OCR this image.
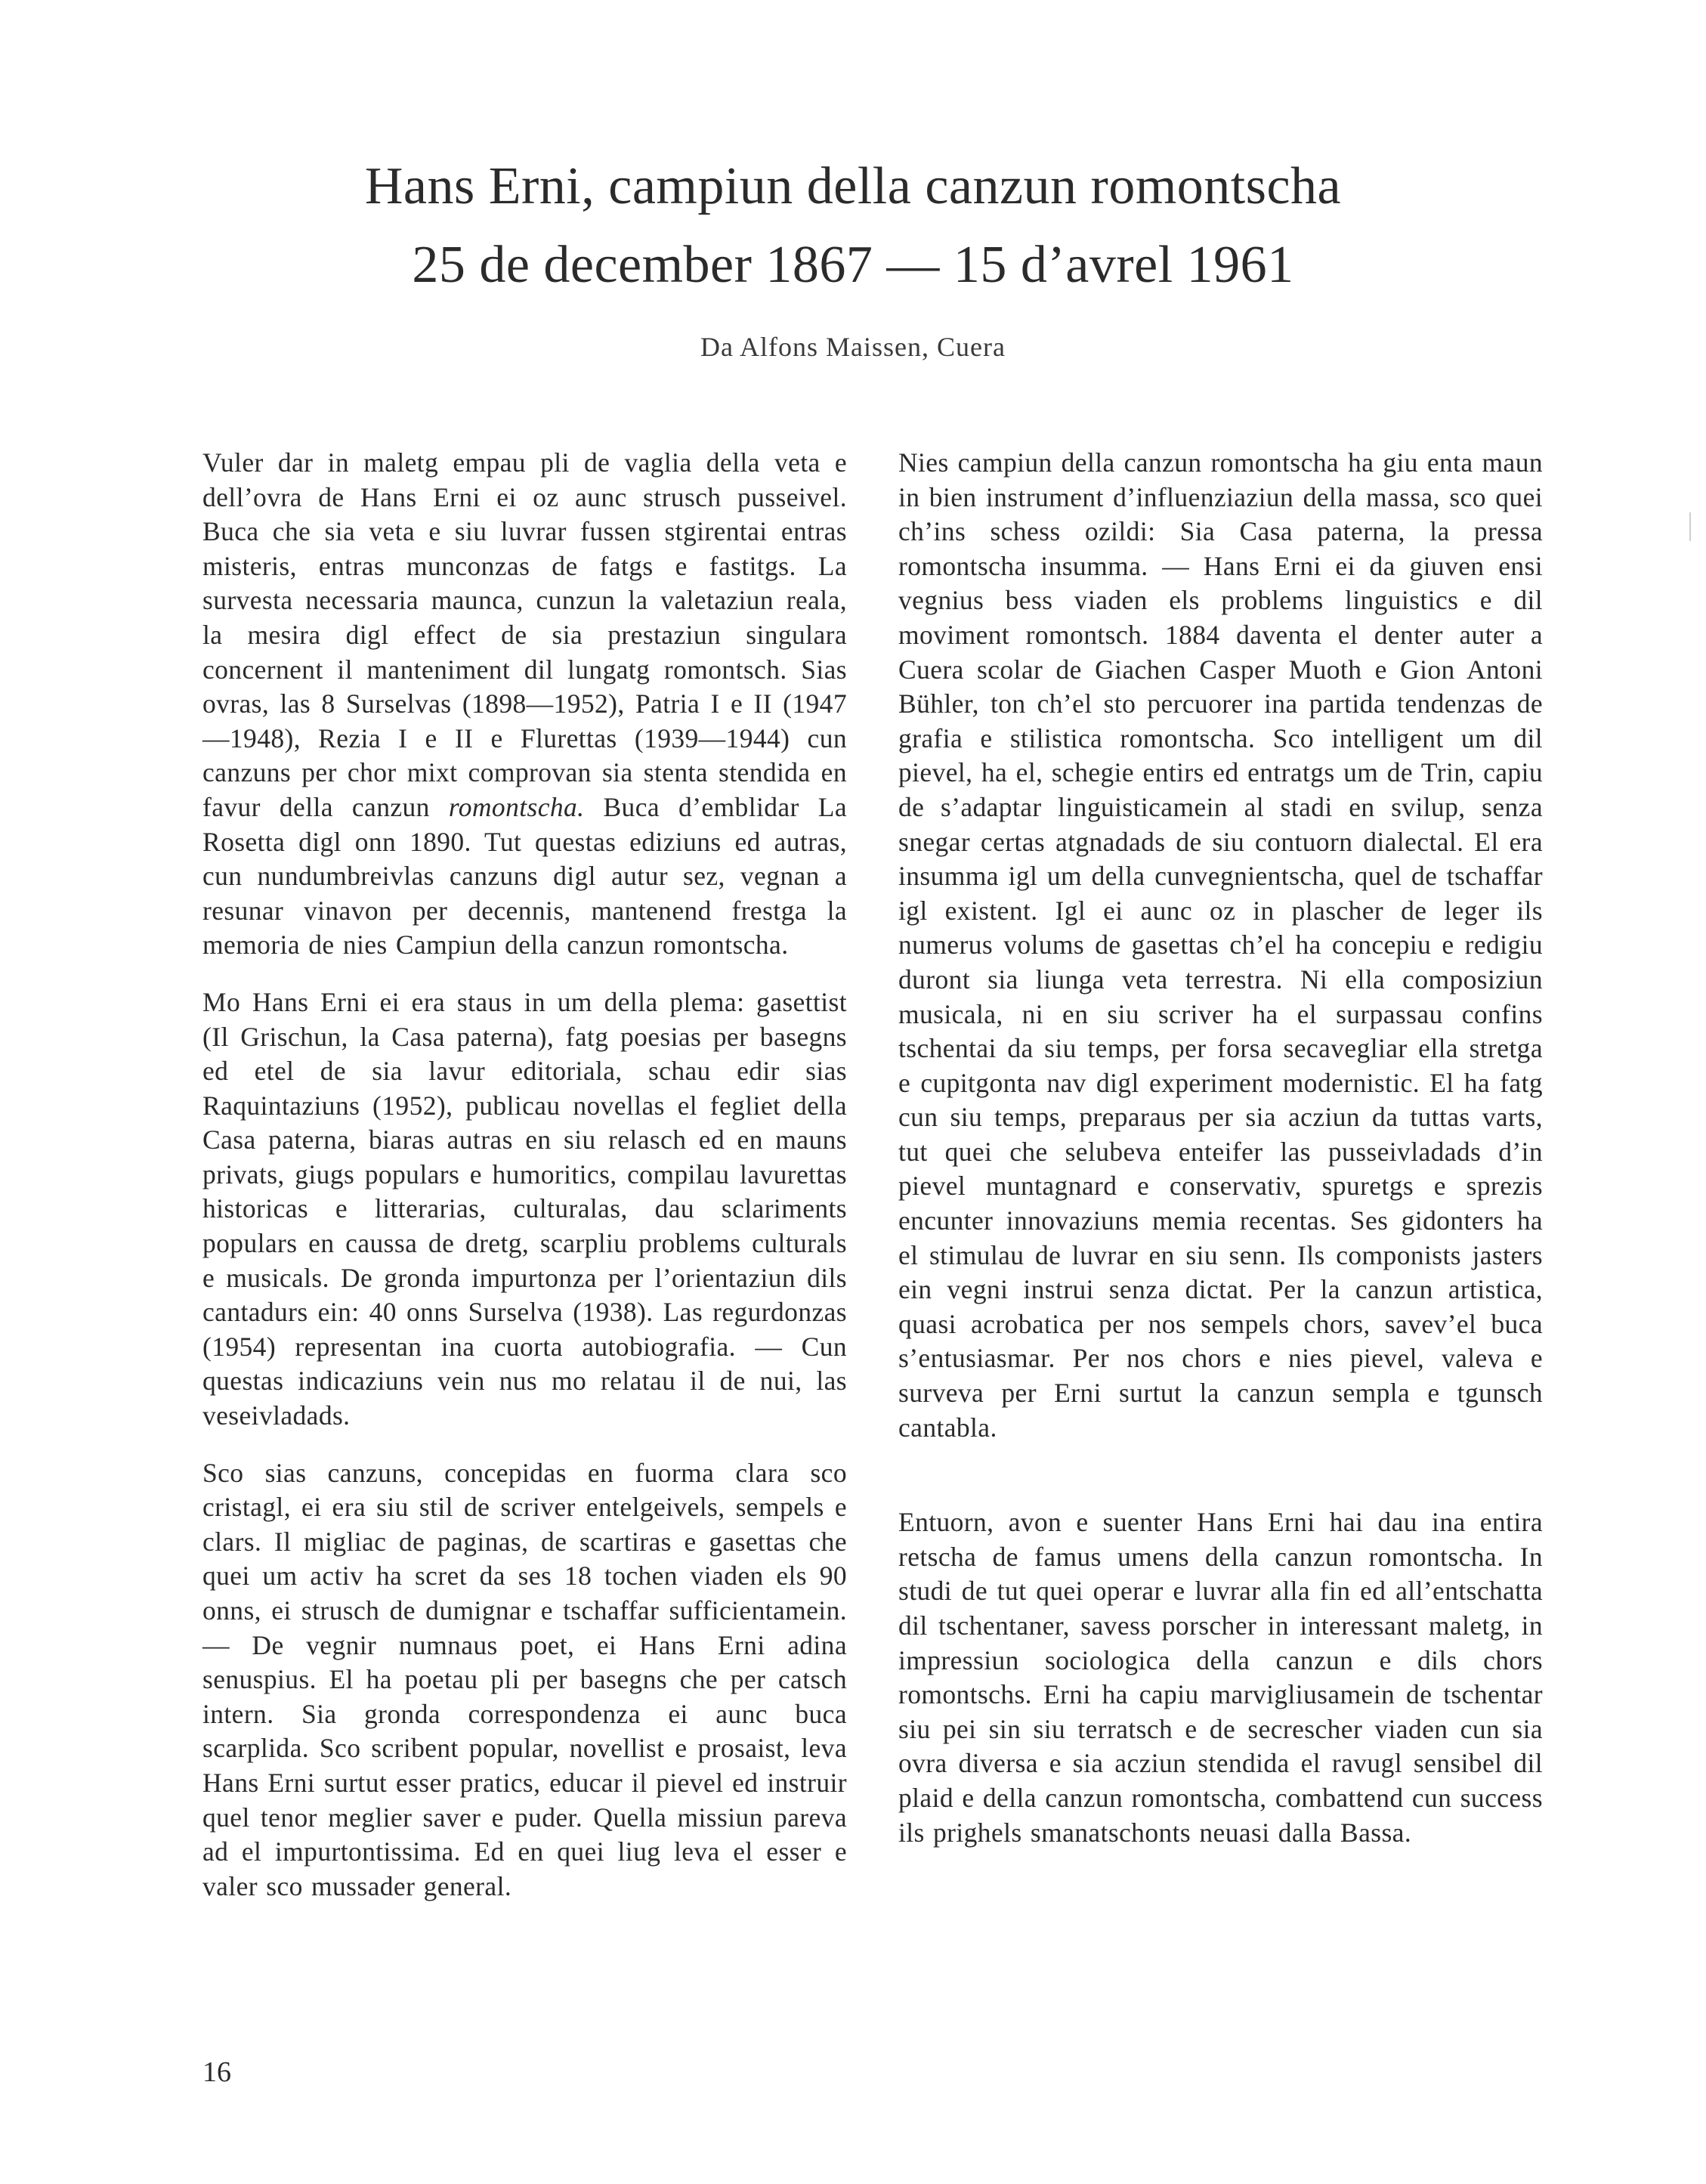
Hans Erni, campiun della canzun romontscha
25 de december 1867 — 15 d’avrel 1961
Da Alfons Maissen, Cuera

Vuler dar in maletg empau pli de vaglia della veta e dell’ovra de Hans Erni ei oz aunc strusch pusseivel. Buca che sia veta e siu luvrar fussen stgirentai entras misteris, entras munconzas de fatgs e fastitgs. La survesta necessaria maunca, cunzun la valetaziun reala, la mesira digl effect de sia prestaziun singulara concernent il manteniment dil lungatg romontsch. Sias ovras, las 8 Surselvas (1898—1952), Patria I e II (1947—1948), Rezia I e II e Flurettas (1939—1944) cun canzuns per chor mixt comprovan sia stenta stendida en favur della canzun romontscha. Buca d’emblidar La Rosetta digl onn 1890. Tut questas ediziuns ed autras, cun nundumbreivlas canzuns digl autur sez, vegnan a resunar vinavon per decennis, mantenend frestga la memoria de nies Campiun della canzun romontscha.

Mo Hans Erni ei era staus in um della plema: gasettist (Il Grischun, la Casa paterna), fatg poesias per basegns ed etel de sia lavur editoriala, schau edir sias Raquintaziuns (1952), publicau novellas el fegliet della Casa paterna, biaras autras en siu relasch ed en mauns privats, giugs populars e humoritics, compilau lavurettas historicas e litterarias, culturalas, dau sclariments populars en caussa de dretg, scarpliu problems culturals e musicals. De gronda impurtonza per l’orientaziun dils cantadurs ein: 40 onns Surselva (1938). Las regurdonzas (1954) representan ina cuorta autobiografia. — Cun questas indicaziuns vein nus mo relatau il de nui, las veseivladads.

Sco sias canzuns, concepidas en fuorma clara sco cristagl, ei era siu stil de scriver entelgeivels, sempels e clars. Il migliac de paginas, de scartiras e gasettas che quei um activ ha scret da ses 18 tochen viaden els 90 onns, ei strusch de dumignar e tschaffar sufficientamein. — De vegnir numnaus poet, ei Hans Erni adina senuspius. El ha poetau pli per basegns che per catsch intern. Sia gronda correspondenza ei aunc buca scarplida. Sco scribent popular, novellist e prosaist, leva Hans Erni surtut esser pratics, educar il pievel ed instruir quel tenor meglier saver e puder. Quella missiun pareva ad el impurtontissima. Ed en quei liug leva el esser e valer sco mussader general.

Nies campiun della canzun romontscha ha giu enta maun in bien instrument d’influenziaziun della massa, sco quei ch’ins schess ozildi: Sia Casa paterna, la pressa romontscha insumma. — Hans Erni ei da giuven ensi vegnius bess viaden els problems linguistics e dil moviment romontsch. 1884 daventa el denter auter a Cuera scolar de Giachen Casper Muoth e Gion Antoni Bühler, ton ch’el sto percuorer ina partida tendenzas de grafia e stilistica romontscha. Sco intelligent um dil pievel, ha el, schegie entirs ed entratgs um de Trin, capiu de s’adaptar linguisticamein al stadi en svilup, senza snegar certas atgnadads de siu contuorn dialectal. El era insumma igl um della cunvegnientscha, quel de tschaffar igl existent. Igl ei aunc oz in plascher de leger ils numerus volums de gasettas ch’el ha concepiu e redigiu duront sia liunga veta terrestra. Ni ella composiziun musicala, ni en siu scriver ha el surpassau confins tschentai da siu temps, per forsa secavegliar ella stretga e cupitgonta nav digl experiment modernistic. El ha fatg cun siu temps, preparaus per sia acziun da tuttas varts, tut quei che selubeva enteifer las pusseivladads d’in pievel muntagnard e conservativ, spuretgs e sprezis encunter innovaziuns memia recentas. Ses gidonters ha el stimulau de luvrar en siu senn. Ils componists jasters ein vegni instrui senza dictat. Per la canzun artistica, quasi acrobatica per nos sempels chors, savev’el buca s’entusiasmar. Per nos chors e nies pievel, valeva e surveva per Erni surtut la canzun sempla e tgunsch cantabla.

Entuorn, avon e suenter Hans Erni hai dau ina entira retscha de famus umens della canzun romontscha. In studi de tut quei operar e luvrar alla fin ed all’entschatta dil tschentaner, savess porscher in interessant maletg, in impressiun sociologica della canzun e dils chors romontschs. Erni ha capiu marvigliusamein de tschentar siu pei sin siu terratsch e de secrescher viaden cun sia ovra diversa e sia acziun stendida el ravugl sensibel dil plaid e della canzun romontscha, combattend cun success ils prighels smanatschonts neuasi dalla Bassa.

16
